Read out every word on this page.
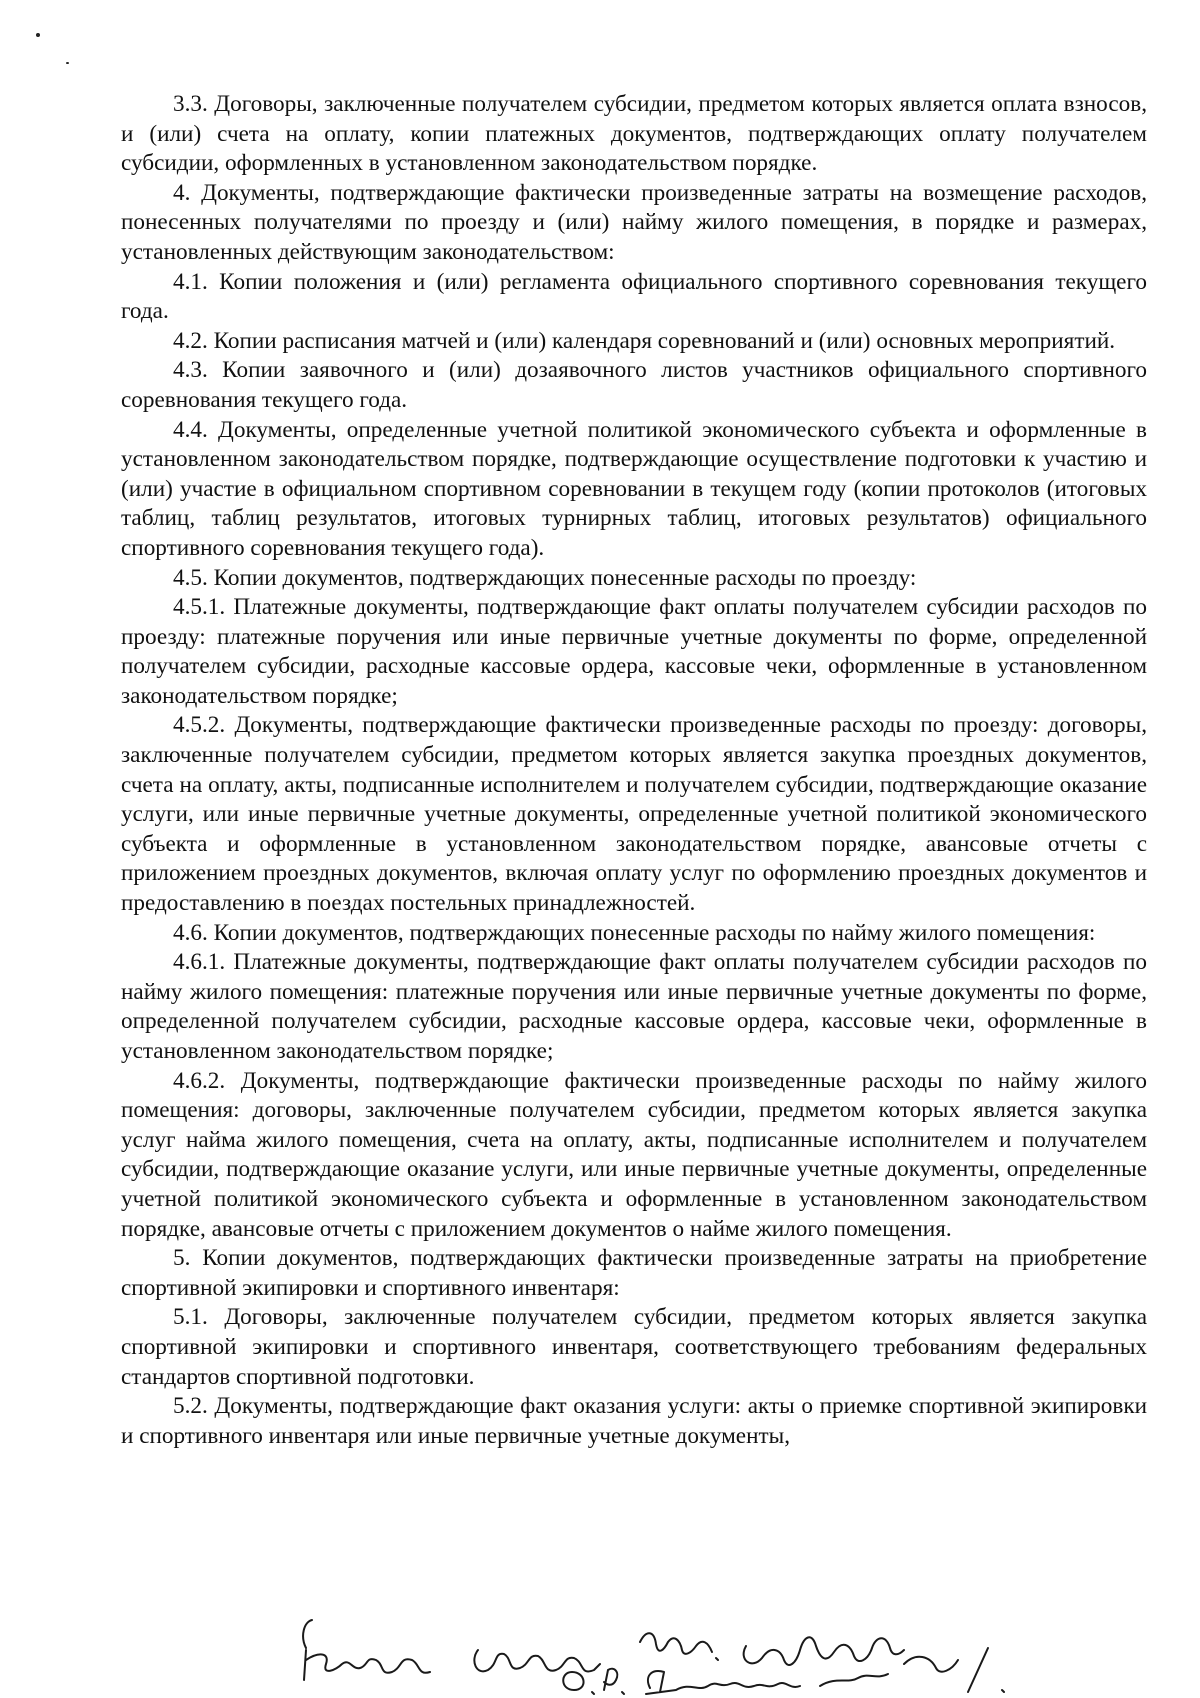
3.3. Договоры, заключенные получателем субсидии, предметом которых является оплата взносов, и (или) счета на оплату, копии платежных документов, подтверждающих оплату получателем субсидии, оформленных в установленном законодательством порядке.

4. Документы, подтверждающие фактически произведенные затраты на возмещение расходов, понесенных получателями по проезду и (или) найму жилого помещения, в порядке и размерах, установленных действующим законодательством:

4.1. Копии положения и (или) регламента официального спортивного соревнования текущего года.

4.2. Копии расписания матчей и (или) календаря соревнований и (или) основных мероприятий.

4.3. Копии заявочного и (или) дозаявочного листов участников официального спортивного соревнования текущего года.

4.4. Документы, определенные учетной политикой экономического субъекта и оформленные в установленном законодательством порядке, подтверждающие осуществление подготовки к участию и (или) участие в официальном спортивном соревновании в текущем году (копии протоколов (итоговых таблиц, таблиц результатов, итоговых турнирных таблиц, итоговых результатов) официального спортивного соревнования текущего года).

4.5. Копии документов, подтверждающих понесенные расходы по проезду:

4.5.1. Платежные документы, подтверждающие факт оплаты получателем субсидии расходов по проезду: платежные поручения или иные первичные учетные документы по форме, определенной получателем субсидии, расходные кассовые ордера, кассовые чеки, оформленные в установленном законодательством порядке;

4.5.2. Документы, подтверждающие фактически произведенные расходы по проезду: договоры, заключенные получателем субсидии, предметом которых является закупка проездных документов, счета на оплату, акты, подписанные исполнителем и получателем субсидии, подтверждающие оказание услуги, или иные первичные учетные документы, определенные учетной политикой экономического субъекта и оформленные в установленном законодательством порядке, авансовые отчеты с приложением проездных документов, включая оплату услуг по оформлению проездных документов и предоставлению в поездах постельных принадлежностей.

4.6. Копии документов, подтверждающих понесенные расходы по найму жилого помещения:

4.6.1. Платежные документы, подтверждающие факт оплаты получателем субсидии расходов по найму жилого помещения: платежные поручения или иные первичные учетные документы по форме, определенной получателем субсидии, расходные кассовые ордера, кассовые чеки, оформленные в установленном законодательством порядке;

4.6.2. Документы, подтверждающие фактически произведенные расходы по найму жилого помещения: договоры, заключенные получателем субсидии, предметом которых является закупка услуг найма жилого помещения, счета на оплату, акты, подписанные исполнителем и получателем субсидии, подтверждающие оказание услуги, или иные первичные учетные документы, определенные учетной политикой экономического субъекта и оформленные в установленном законодательством порядке, авансовые отчеты с приложением документов о найме жилого помещения.

5. Копии документов, подтверждающих фактически произведенные затраты на приобретение спортивной экипировки и спортивного инвентаря:

5.1. Договоры, заключенные получателем субсидии, предметом которых является закупка спортивной экипировки и спортивного инвентаря, соответствующего требованиям федеральных стандартов спортивной подготовки.

5.2. Документы, подтверждающие факт оказания услуги: акты о приемке спортивной экипировки и спортивного инвентаря или иные первичные учетные документы,
